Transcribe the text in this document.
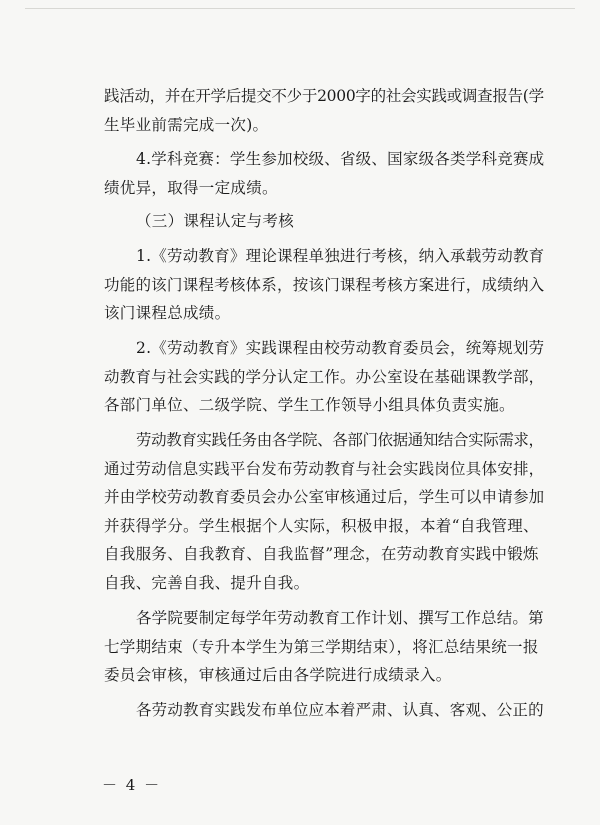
践活动，并在开学后提交不少于2000字的社会实践或调查报告(学
生毕业前需完成一次)。
4.学科竞赛：学生参加校级、省级、国家级各类学科竞赛成
绩优异，取得一定成绩。
（三）课程认定与考核
1.《劳动教育》理论课程单独进行考核，纳入承载劳动教育
功能的该门课程考核体系，按该门课程考核方案进行，成绩纳入
该门课程总成绩。
2.《劳动教育》实践课程由校劳动教育委员会，统筹规划劳
动教育与社会实践的学分认定工作。办公室设在基础课教学部，
各部门单位、二级学院、学生工作领导小组具体负责实施。
劳动教育实践任务由各学院、各部门依据通知结合实际需求，
通过劳动信息实践平台发布劳动教育与社会实践岗位具体安排，
并由学校劳动教育委员会办公室审核通过后，学生可以申请参加
并获得学分。学生根据个人实际，积极申报，本着“自我管理、
自我服务、自我教育、自我监督”理念，在劳动教育实践中锻炼
自我、完善自我、提升自我。
各学院要制定每学年劳动教育工作计划、撰写工作总结。第
七学期结束（专升本学生为第三学期结束），将汇总结果统一报
委员会审核，审核通过后由各学院进行成绩录入。
各劳动教育实践发布单位应本着严肃、认真、客观、公正的
－ 4 －
